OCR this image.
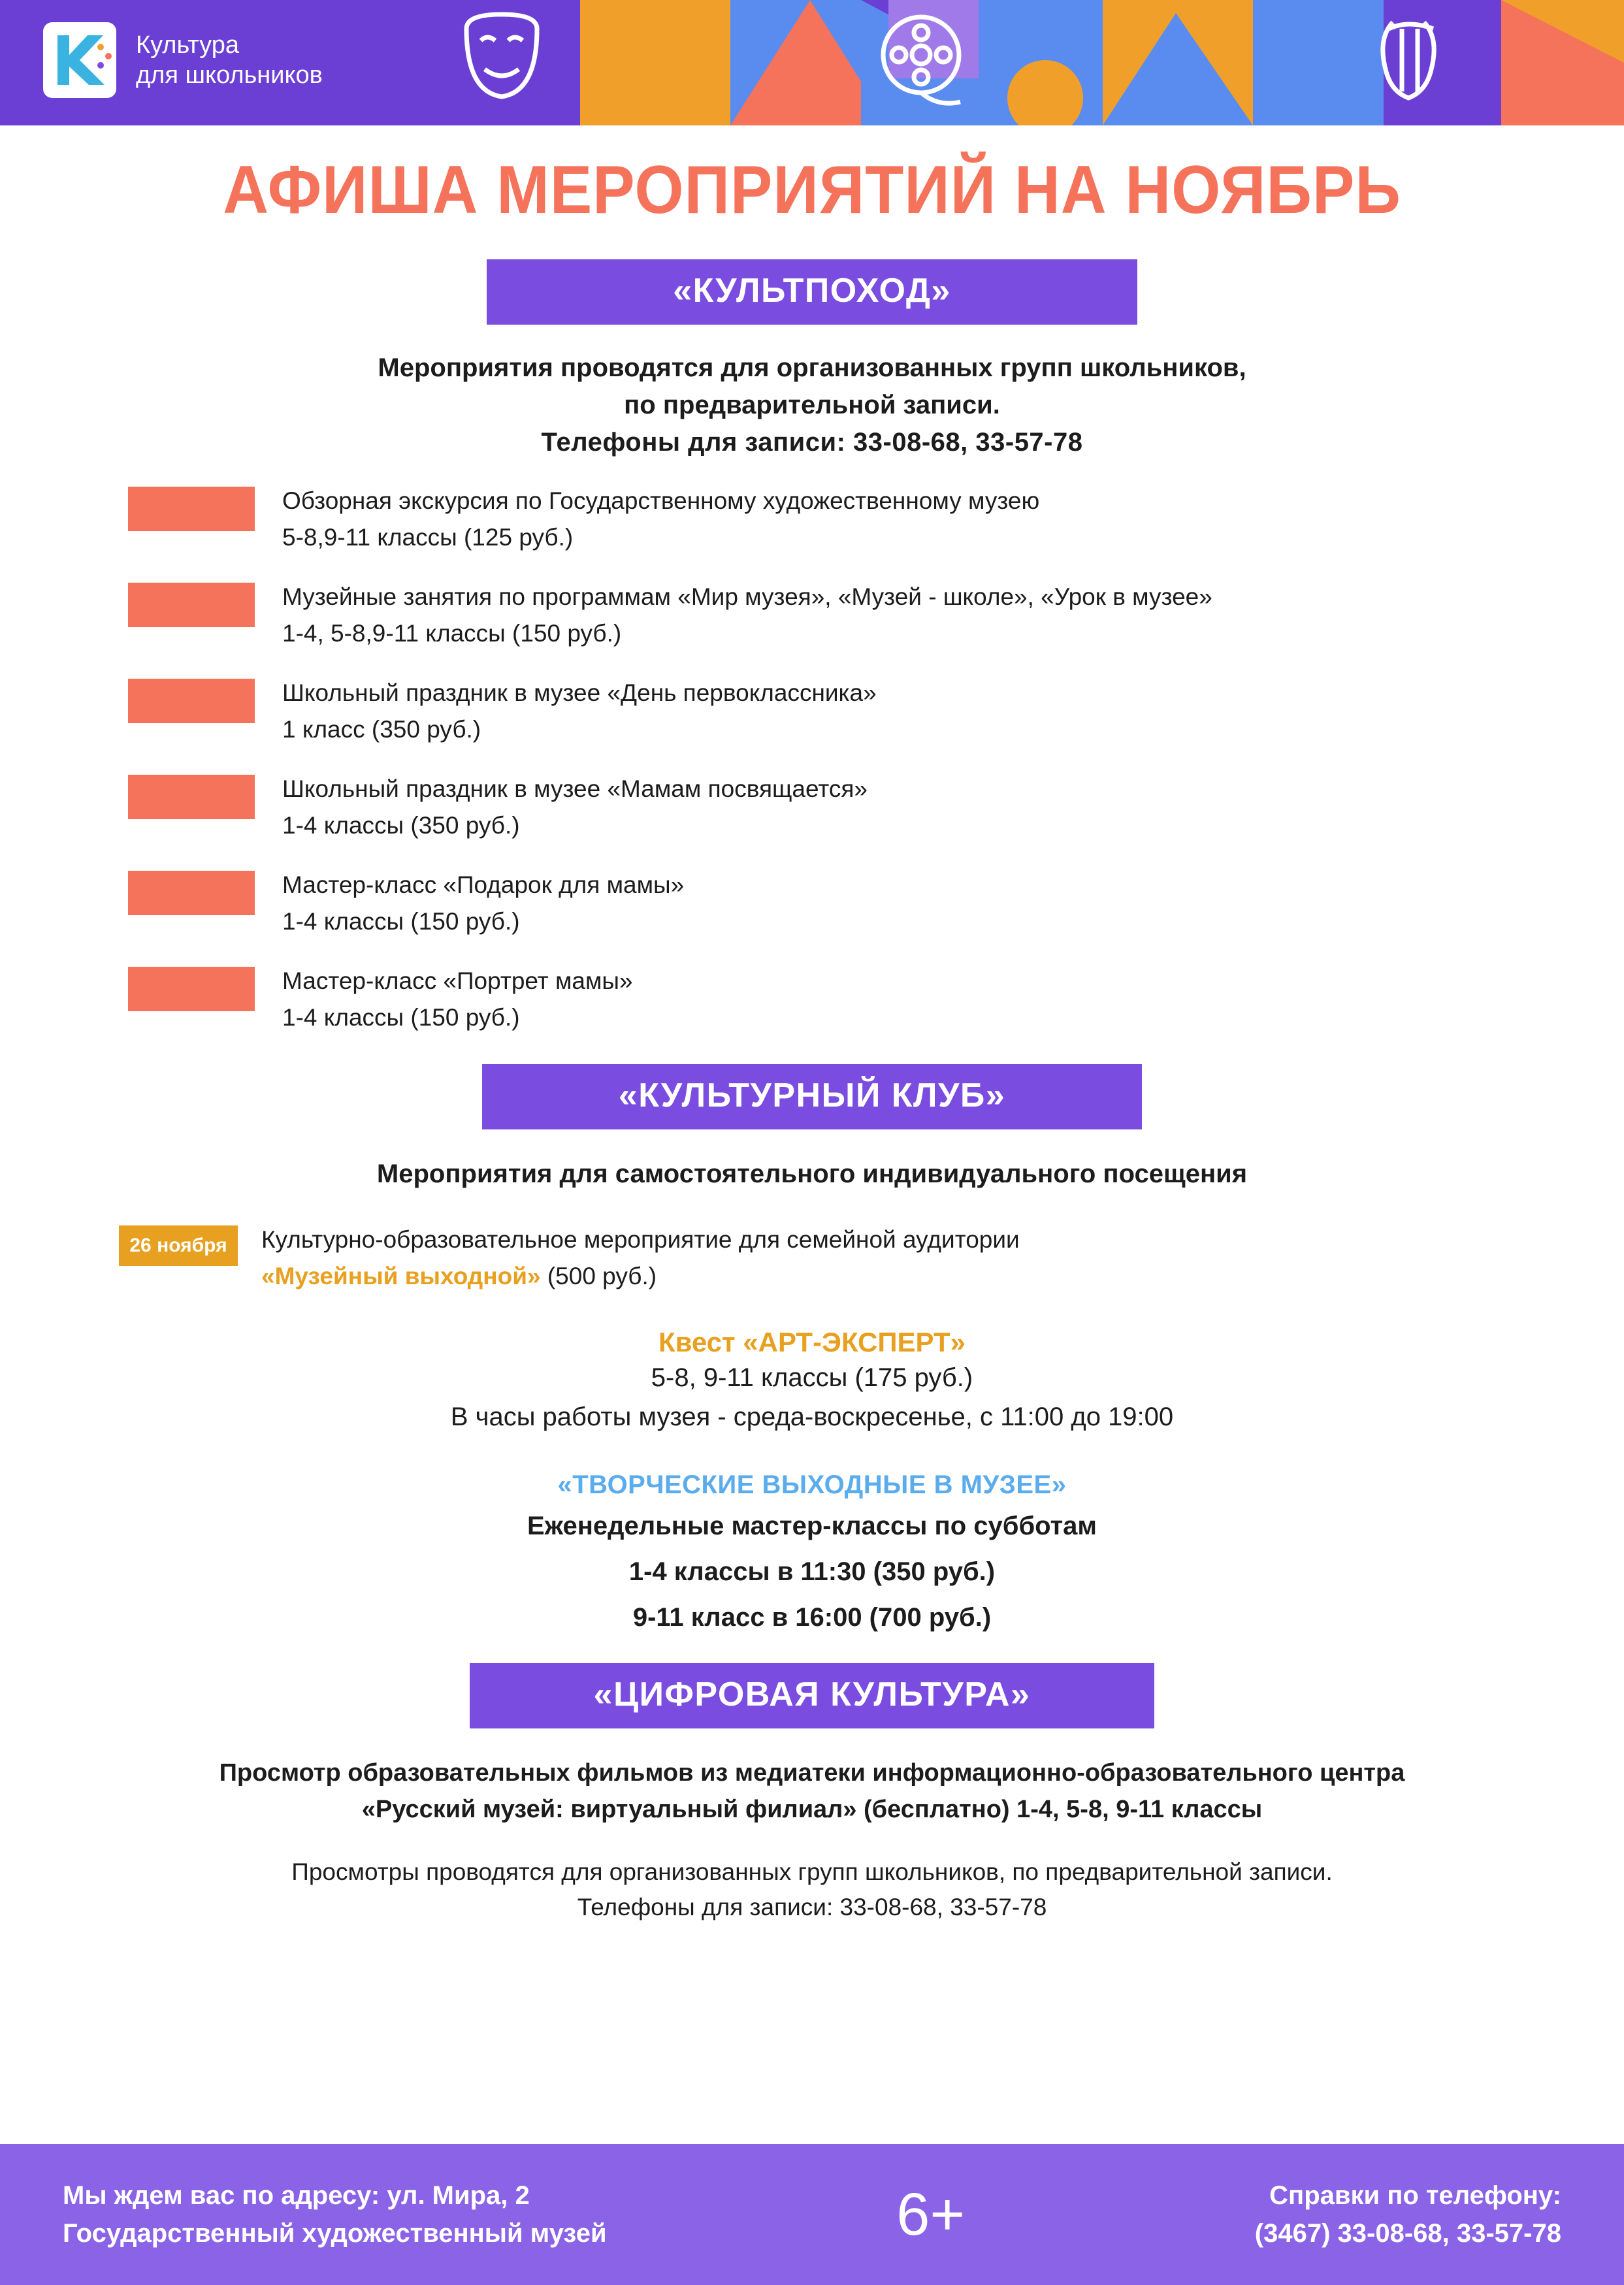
Культура
для школьников
АФИША МЕРОПРИЯТИЙ НА НОЯБРЬ
«КУЛЬТПОХОД»
Мероприятия проводятся для организованных групп школьников,
по предварительной записи.
Телефоны для записи: 33-08-68, 33-57-78
Обзорная экскурсия по Государственному художественному музею
5-8,9-11 классы (125 руб.)
Музейные занятия по программам «Мир музея», «Музей - школе», «Урок в музее»
1-4, 5-8,9-11 классы (150 руб.)
Школьный праздник в музее «День первоклассника»
1 класс (350 руб.)
Школьный праздник в музее «Мамам посвящается»
1-4 классы (350 руб.)
Мастер-класс «Подарок для мамы»
1-4 классы (150 руб.)
Мастер-класс «Портрет мамы»
1-4 классы (150 руб.)
«КУЛЬТУРНЫЙ КЛУБ»
Мероприятия для самостоятельного индивидуального посещения
26 ноября	Культурно-образовательное мероприятие для семейной аудитории
«Музейный выходной» (500 руб.)
Квест «АРТ-ЭКСПЕРТ»
5-8, 9-11 классы (175 руб.)
В часы работы музея - среда-воскресенье, с 11:00 до 19:00
«ТВОРЧЕСКИЕ ВЫХОДНЫЕ В МУЗЕЕ»
Еженедельные мастер-классы по субботам
1-4 классы в 11:30 (350 руб.)
9-11 класс в 16:00 (700 руб.)
«ЦИФРОВАЯ КУЛЬТУРА»
Просмотр образовательных фильмов из медиатеки информационно-образовательного центра
«Русский музей: виртуальный филиал» (бесплатно) 1-4, 5-8, 9-11 классы
Просмотры проводятся для организованных групп школьников, по предварительной записи.
Телефоны для записи: 33-08-68, 33-57-78
Мы ждем вас по адресу: ул. Мира, 2
Государственный художественный музей	6+	Справки по телефону:
(3467) 33-08-68, 33-57-78
